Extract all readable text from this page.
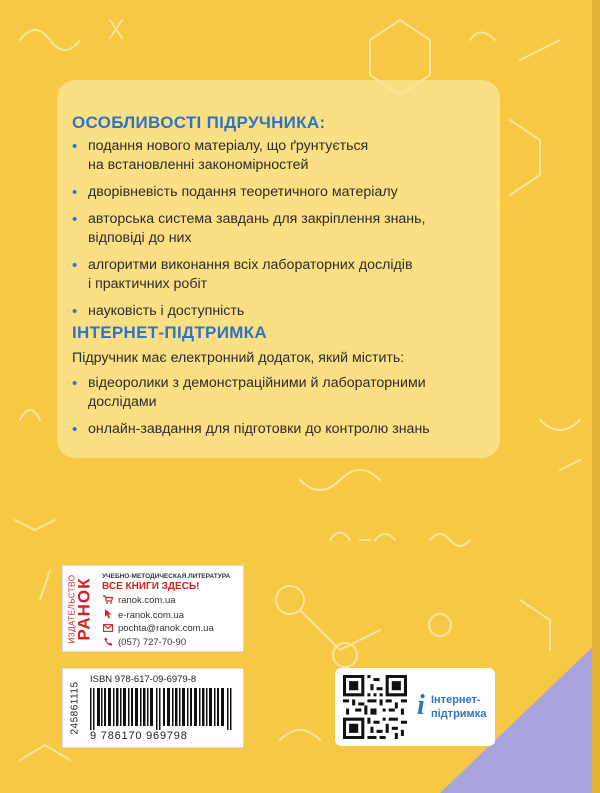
ОСОБЛИВОСТІ ПІДРУЧНИКА:
• подання нового матеріалу, що ґрунтується
на встановленні закономірностей
• дворівневість подання теоретичного матеріалу
• авторська система завдань для закріплення знань,
відповіді до них
• алгоритми виконання всіх лабораторних дослідів
і практичних робіт
• науковість і доступність
ІНТЕРНЕТ-ПІДТРИМКА

Підручник має електронний додаток, який містить:

• відеоролики з демонстраційними й лабораторними
дослідами
• онлайн-завдання для підготовки до контролю знань
ИЗДАТЕЛЬСТВО
РАНОК

УЧЕБНО-МЕТОДИЧЕСКАЯ ЛИТЕРАТУРА

ВСЕ КНИГИ ЗДЕСЬ!

ranok.com.ua
e-ranok.com.ua
pochta@ranok.com.ua
(057) 727-70-90
245861115

ISBN 978-617-09-6979-8

9 786170 969798

i Інтернет-
підтримка
